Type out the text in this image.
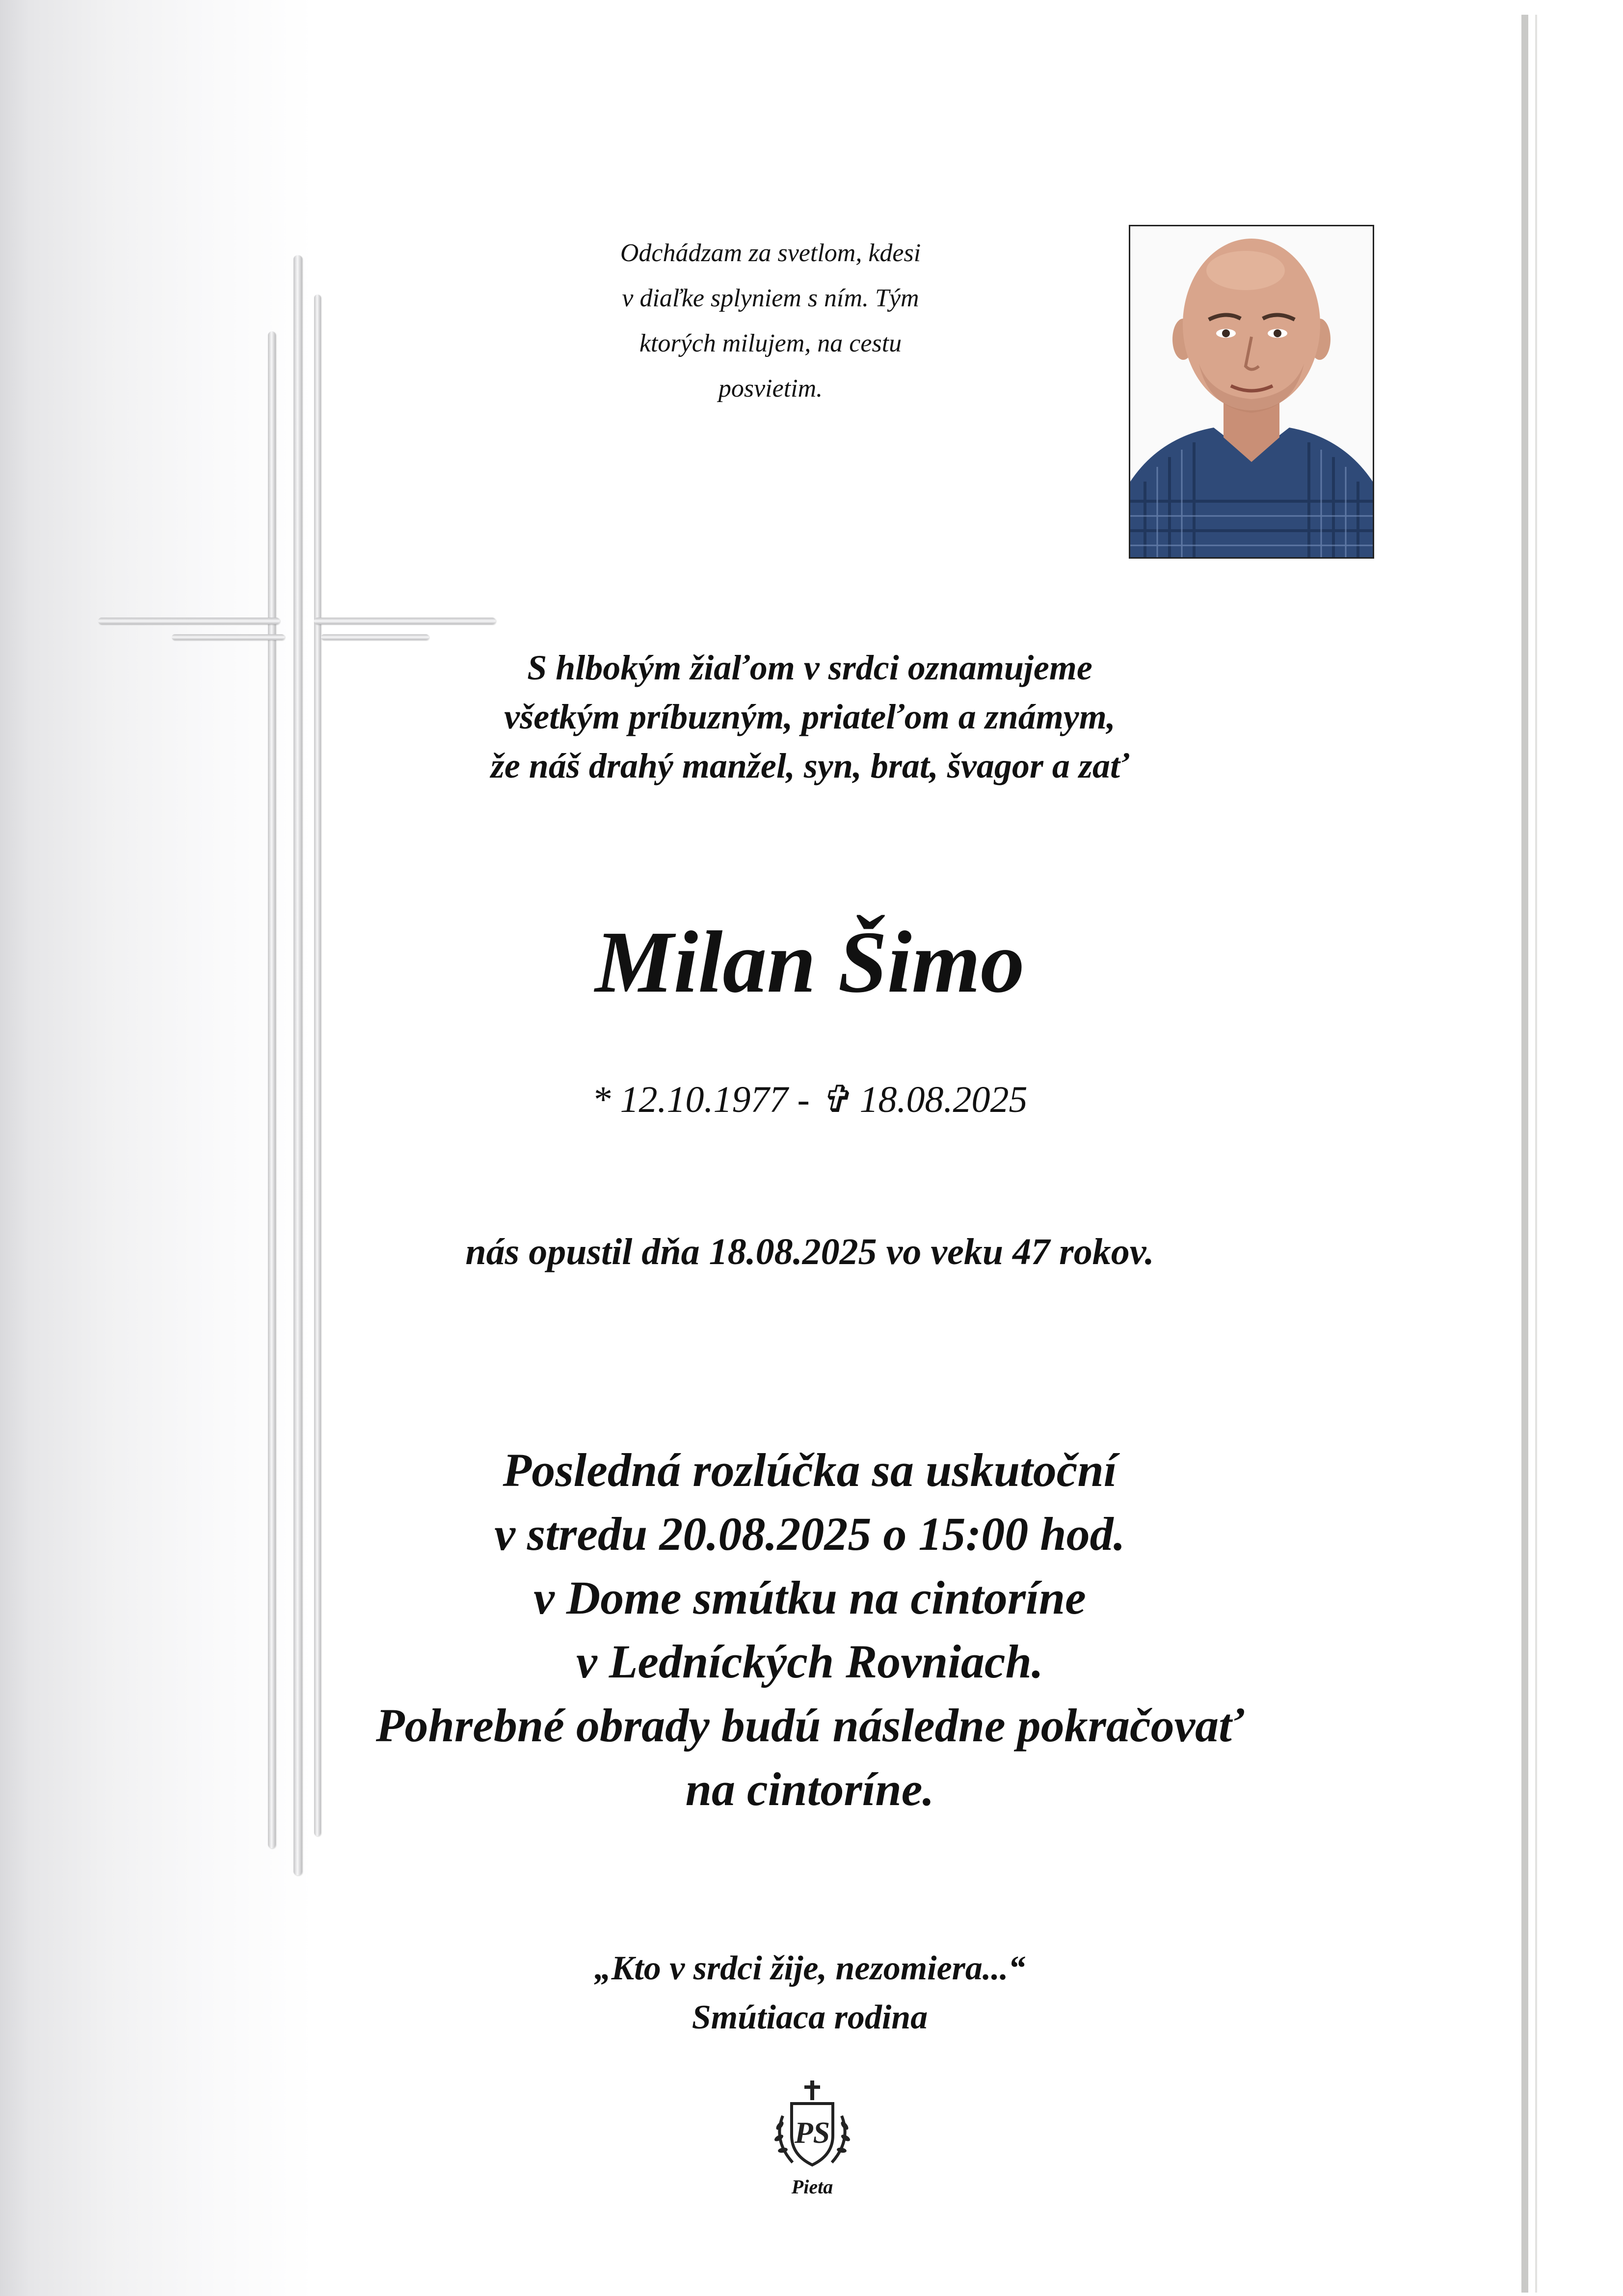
Odchádzam za svetlom, kdesi
v diaľke splyniem s ním. Tým
ktorých milujem, na cestu
posvietim.
S hlbokým žiaľom v srdci oznamujeme
všetkým príbuzným, priateľom a známym,
že náš drahý manžel, syn, brat, švagor a zať
Milan Šimo
* 12.10.1977 - ✞ 18.08.2025
nás opustil dňa 18.08.2025 vo veku 47 rokov.
Posledná rozlúčka sa uskutoční
v stredu 20.08.2025 o 15:00 hod.
v Dome smútku na cintoríne
v Ledníckých Rovniach.
Pohrebné obrady budú následne pokračovať
na cintoríne.
„Kto v srdci žije, nezomiera...“
Smútiaca rodina
PS
Pieta
